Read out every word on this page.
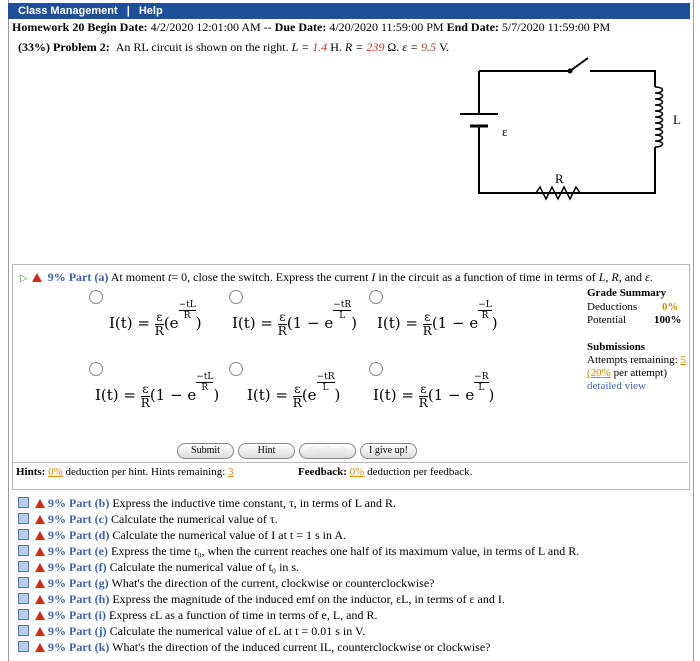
Class Management | Help
Homework 20 Begin Date: 4/2/2020 12:01:00 AM -- Due Date: 4/20/2020 11:59:00 PM End Date: 5/7/2020 11:59:00 PM
(33%) Problem 2: An RL circuit is shown on the right. L = 1.4 H. R = 239 Ω. ε = 9.5 V.
L
ε
R
▷ 9% Part (a) At moment t= 0, close the switch. Express the current I in the circuit as a function of time in terms of L, R, and ε.
$I(t) = \frac{\varepsilon}{R} (e$
$\frac{-tL}{R}$
) $I(t) = \frac{\varepsilon}{R} (1 - e$
$\frac{-tR}{L}$
) $I(t) = \frac{\varepsilon}{R} (1 - e$
$\frac{-L}{R}$
)
$I(t) = \frac{\varepsilon}{R} (1 - e$
$\frac{-tL}{R}$
) $I(t) = \frac{\varepsilon}{R} (e$
$\frac{-tR}{L}$
) $I(t) = \frac{\varepsilon}{R} (1 - e$
$\frac{-R}{L}$
)
Submit	Hint	Feedback	I give up!
Grade Summary
Deductions 0%
Potential	100%
Submissions
Attempts remaining: 5
(20% per attempt)
detailed view
Hints: 0% deduction per hint. Hints remaining: 3	Feedback: 0% deduction per feedback.
9% Part (b) Express the inductive time constant, τ, in terms of L and R.
9% Part (c) Calculate the numerical value of τ.
9% Part (d) Calculate the numerical value of I at t = 1 s in A.
9% Part (e) Express the time t₀, when the current reaches one half of its maximum value, in terms of L and R.
9% Part (f) Calculate the numerical value of t₀ in s.
9% Part (g) What's the direction of the current, clockwise or counterclockwise?
9% Part (h) Express the magnitude of the induced emf on the inductor, εL, in terms of ε and I.
9% Part (i) Express εL as a function of time in terms of e, L, and R.
9% Part (j) Calculate the numerical value of εL at t = 0.01 s in V.
9% Part (k) What's the direction of the induced current IL, counterclockwise or clockwise?
